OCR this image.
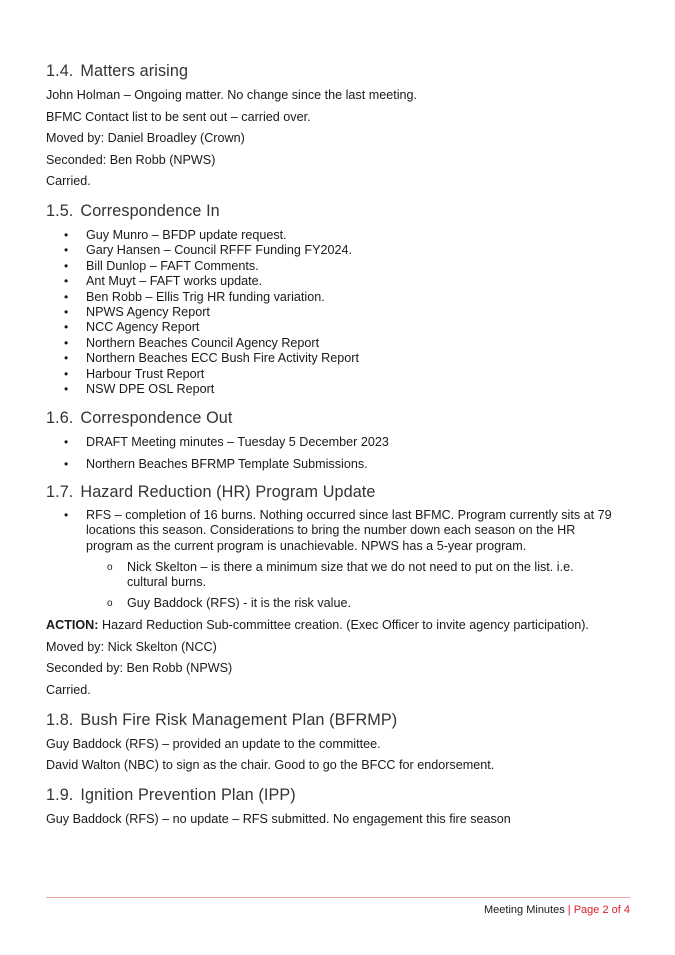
1.4. Matters arising

John Holman – Ongoing matter. No change since the last meeting.

BFMC Contact list to be sent out – carried over.

Moved by: Daniel Broadley (Crown)

Seconded: Ben Robb (NPWS)

Carried.

1.5. Correspondence In
• Guy Munro – BFDP update request.
• Gary Hansen – Council RFFF Funding FY2024.
• Bill Dunlop – FAFT Comments.
• Ant Muyt – FAFT works update.
• Ben Robb – Ellis Trig HR funding variation.
• NPWS Agency Report
• NCC Agency Report
• Northern Beaches Council Agency Report
• Northern Beaches ECC Bush Fire Activity Report
• Harbour Trust Report
• NSW DPE OSL Report
1.6. Correspondence Out
• DRAFT Meeting minutes – Tuesday 5 December 2023
• Northern Beaches BFRMP Template Submissions.
1.7. Hazard Reduction (HR) Program Update
• RFS – completion of 16 burns. Nothing occurred since last BFMC. Program currently sits at 79
locations this season. Considerations to bring the number down each season on the HR
program as the current program is unachievable. NPWS has a 5-year program.
o Nick Skelton – is there a minimum size that we do not need to put on the list. i.e.
cultural burns.
o Guy Baddock (RFS) - it is the risk value.

ACTION: Hazard Reduction Sub-committee creation. (Exec Officer to invite agency participation).

Moved by: Nick Skelton (NCC)

Seconded by: Ben Robb (NPWS)

Carried.

1.8. Bush Fire Risk Management Plan (BFRMP)

Guy Baddock (RFS) – provided an update to the committee.

David Walton (NBC) to sign as the chair. Good to go the BFCC for endorsement.

1.9. Ignition Prevention Plan (IPP)

Guy Baddock (RFS) – no update – RFS submitted. No engagement this fire season

Meeting Minutes | Page 2 of 4
